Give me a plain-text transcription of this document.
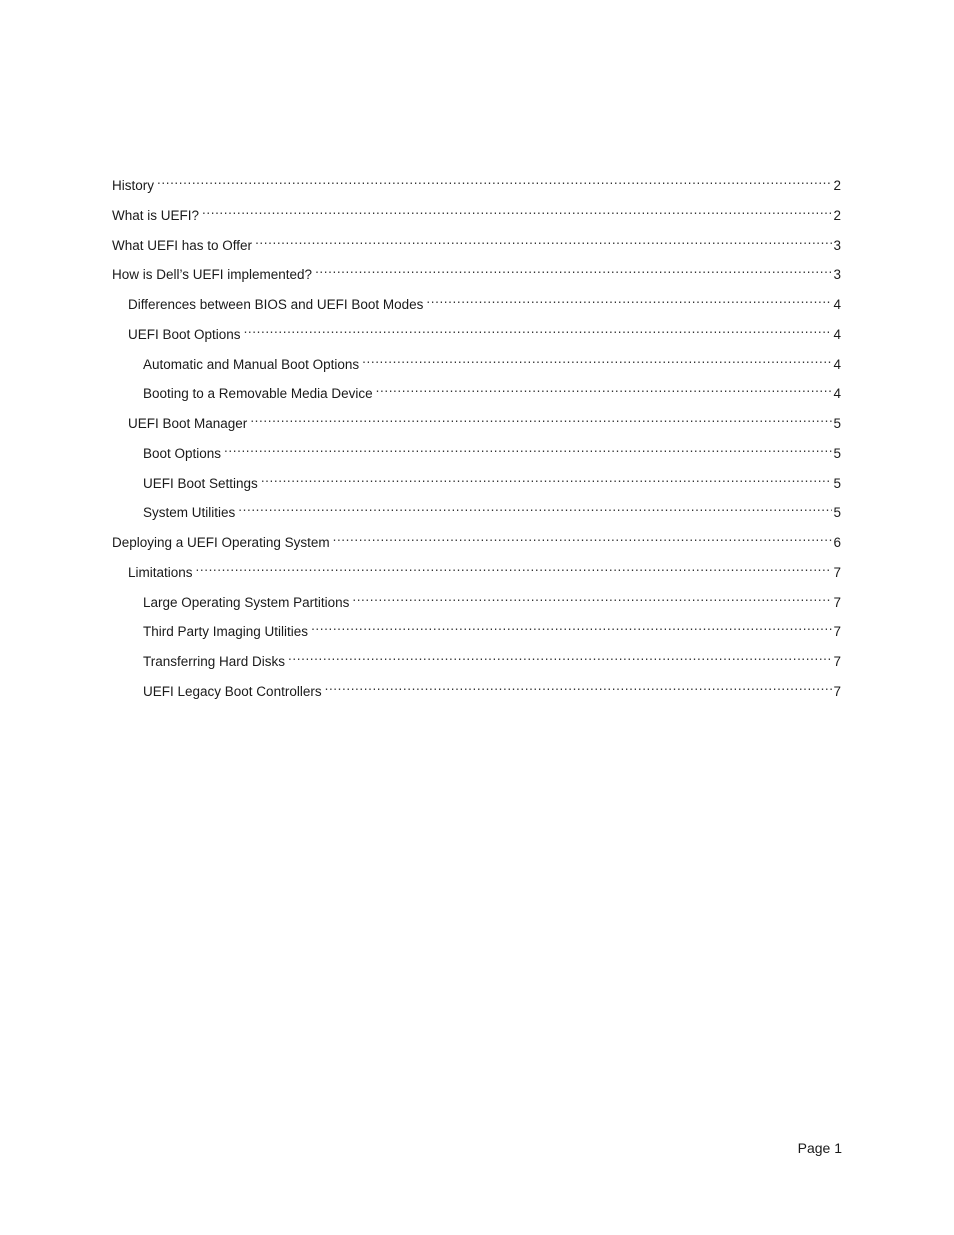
History .....	2
What is UEFI? .....	2
What UEFI has to Offer .....	3
How is Dell’s UEFI implemented? .....	3
Differences between BIOS and UEFI Boot Modes .....	4
UEFI Boot Options .....	4
Automatic and Manual Boot Options .....	4
Booting to a Removable Media Device .....	4
UEFI Boot Manager .....	5
Boot Options .....	5
UEFI Boot Settings .....	5
System Utilities .....	5
Deploying a UEFI Operating System .....	6
Limitations .....	7
Large Operating System Partitions .....	7
Third Party Imaging Utilities .....	7
Transferring Hard Disks .....	7
UEFI Legacy Boot Controllers .....	7
Page 1
